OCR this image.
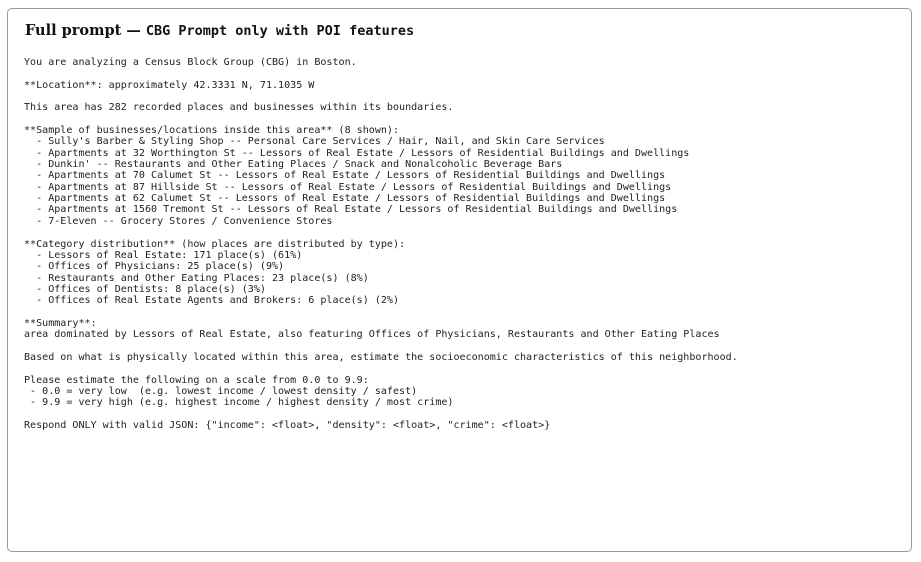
Full prompt — CBG Prompt only with POI features
You are analyzing a Census Block Group (CBG) in Boston.

**Location**: approximately 42.3331 N, 71.1035 W

This area has 282 recorded places and businesses within its boundaries.

**Sample of businesses/locations inside this area** (8 shown):
- Sully's Barber & Styling Shop -- Personal Care Services / Hair, Nail, and Skin Care Services
- Apartments at 32 Worthington St -- Lessors of Real Estate / Lessors of Residential Buildings and Dwellings
- Dunkin' -- Restaurants and Other Eating Places / Snack and Nonalcoholic Beverage Bars
- Apartments at 70 Calumet St -- Lessors of Real Estate / Lessors of Residential Buildings and Dwellings
- Apartments at 87 Hillside St -- Lessors of Real Estate / Lessors of Residential Buildings and Dwellings
- Apartments at 62 Calumet St -- Lessors of Real Estate / Lessors of Residential Buildings and Dwellings
- Apartments at 1560 Tremont St -- Lessors of Real Estate / Lessors of Residential Buildings and Dwellings
- 7-Eleven -- Grocery Stores / Convenience Stores

**Category distribution** (how places are distributed by type):
- Lessors of Real Estate: 171 place(s) (61%)
- Offices of Physicians: 25 place(s) (9%)
- Restaurants and Other Eating Places: 23 place(s) (8%)
- Offices of Dentists: 8 place(s) (3%)
- Offices of Real Estate Agents and Brokers: 6 place(s) (2%)

**Summary**:
area dominated by Lessors of Real Estate, also featuring Offices of Physicians, Restaurants and Other Eating Places

Based on what is physically located within this area, estimate the socioeconomic characteristics of this neighborhood.

Please estimate the following on a scale from 0.0 to 9.9:
- 0.0 = very low  (e.g. lowest income / lowest density / safest)
- 9.9 = very high (e.g. highest income / highest density / most crime)

Respond ONLY with valid JSON: {"income": <float>, "density": <float>, "crime": <float>}
